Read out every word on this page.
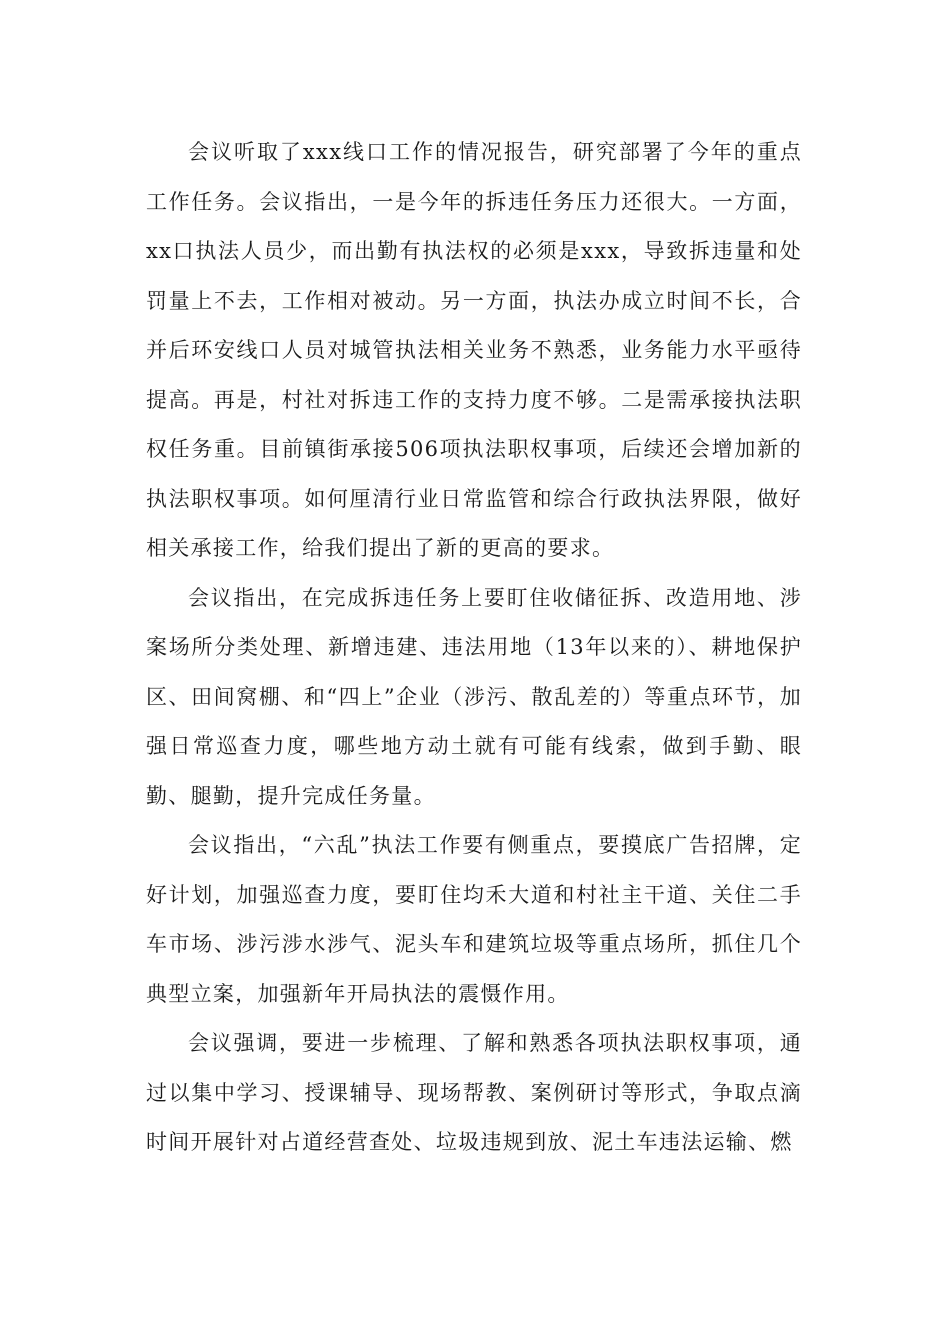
会议听取了xxx线口工作的情况报告，研究部署了今年的重点工作任务。会议指出，一是今年的拆违任务压力还很大。一方面，xx口执法人员少，而出勤有执法权的必须是xxx，导致拆违量和处罚量上不去，工作相对被动。另一方面，执法办成立时间不长，合并后环安线口人员对城管执法相关业务不熟悉，业务能力水平亟待提高。再是，村社对拆违工作的支持力度不够。二是需承接执法职权任务重。目前镇街承接506项执法职权事项，后续还会增加新的执法职权事项。如何厘清行业日常监管和综合行政执法界限，做好相关承接工作，给我们提出了新的更高的要求。

会议指出，在完成拆违任务上要盯住收储征拆、改造用地、涉案场所分类处理、新增违建、违法用地（13年以来的）、耕地保护区、田间窝棚、和“四上”企业（涉污、散乱差的）等重点环节，加强日常巡查力度，哪些地方动土就有可能有线索，做到手勤、眼勤、腿勤，提升完成任务量。

会议指出，“六乱”执法工作要有侧重点，要摸底广告招牌，定好计划，加强巡查力度，要盯住均禾大道和村社主干道、关住二手车市场、涉污涉水涉气、泥头车和建筑垃圾等重点场所，抓住几个典型立案，加强新年开局执法的震慑作用。

会议强调，要进一步梳理、了解和熟悉各项执法职权事项，通过以集中学习、授课辅导、现场帮教、案例研讨等形式，争取点滴时间开展针对占道经营查处、垃圾违规到放、泥土车违法运输、燃
